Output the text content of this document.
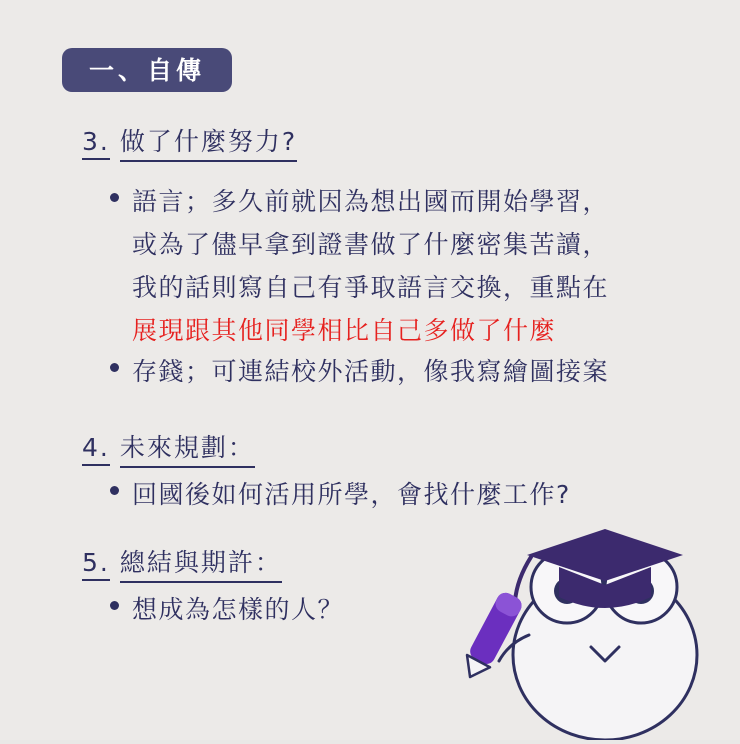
一、自傳
3. 做了什麼努力?
語言；多久前就因為想出國而開始學習，
或為了儘早拿到證書做了什麼密集苦讀，
我的話則寫自己有爭取語言交換，重點在
展現跟其他同學相比自己多做了什麼
存錢；可連結校外活動，像我寫繪圖接案
4. 未來規劃：
回國後如何活用所學，會找什麼工作?
5. 總結與期許：
想成為怎樣的人？
